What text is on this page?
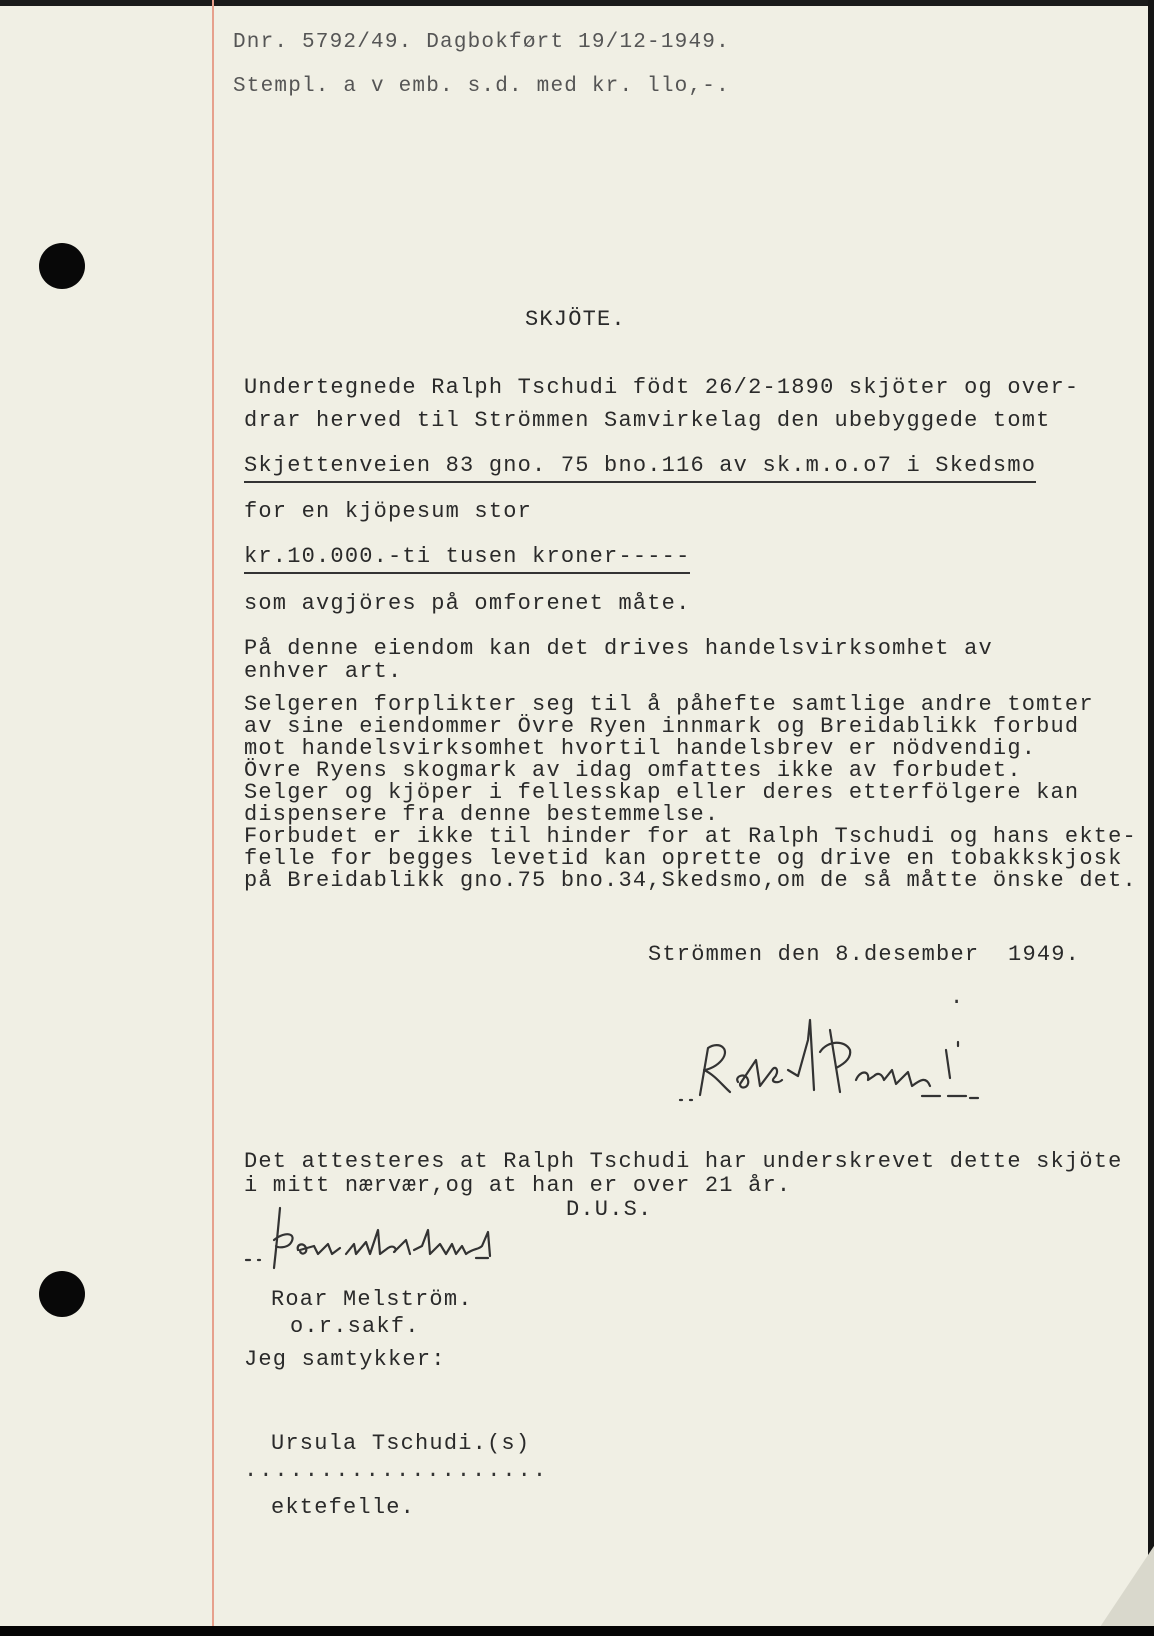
Dnr. 5792/49. Dagbokført 19/12-1949.
Stempl. a v emb. s.d. med kr. llo,-.
SKJÖTE.
Undertegnede Ralph Tschudi födt 26/2-1890 skjöter og over-
drar herved til Strömmen Samvirkelag den ubebyggede tomt
Skjettenveien 83 gno. 75 bno.116 av sk.m.o.o7 i Skedsmo
for en kjöpesum stor
kr.10.000.-ti tusen kroner-----
som avgjöres på omforenet måte.
På denne eiendom kan det drives handelsvirksomhet av
enhver art.
Selgeren forplikter seg til å påhefte samtlige andre tomter
av sine eiendommer Övre Ryen innmark og Breidablikk forbud
mot handelsvirksomhet hvortil handelsbrev er nödvendig.
Övre Ryens skogmark av idag omfattes ikke av forbudet.
Selger og kjöper i fellesskap eller deres etterfölgere kan
dispensere fra denne bestemmelse.
Forbudet er ikke til hinder for at Ralph Tschudi og hans ekte-
felle for begges levetid kan oprette og drive en tobakkskjosk
på Breidablikk gno.75 bno.34,Skedsmo,om de så måtte önske det.
Strömmen den 8.desember  1949.
.
Det attesteres at Ralph Tschudi har underskrevet dette skjöte
i mitt nærvær,og at han er over 21 år.
D.U.S.
Roar Melström.
o.r.sakf.
Jeg samtykker:
Ursula Tschudi.(s)
....................
ektefelle.
